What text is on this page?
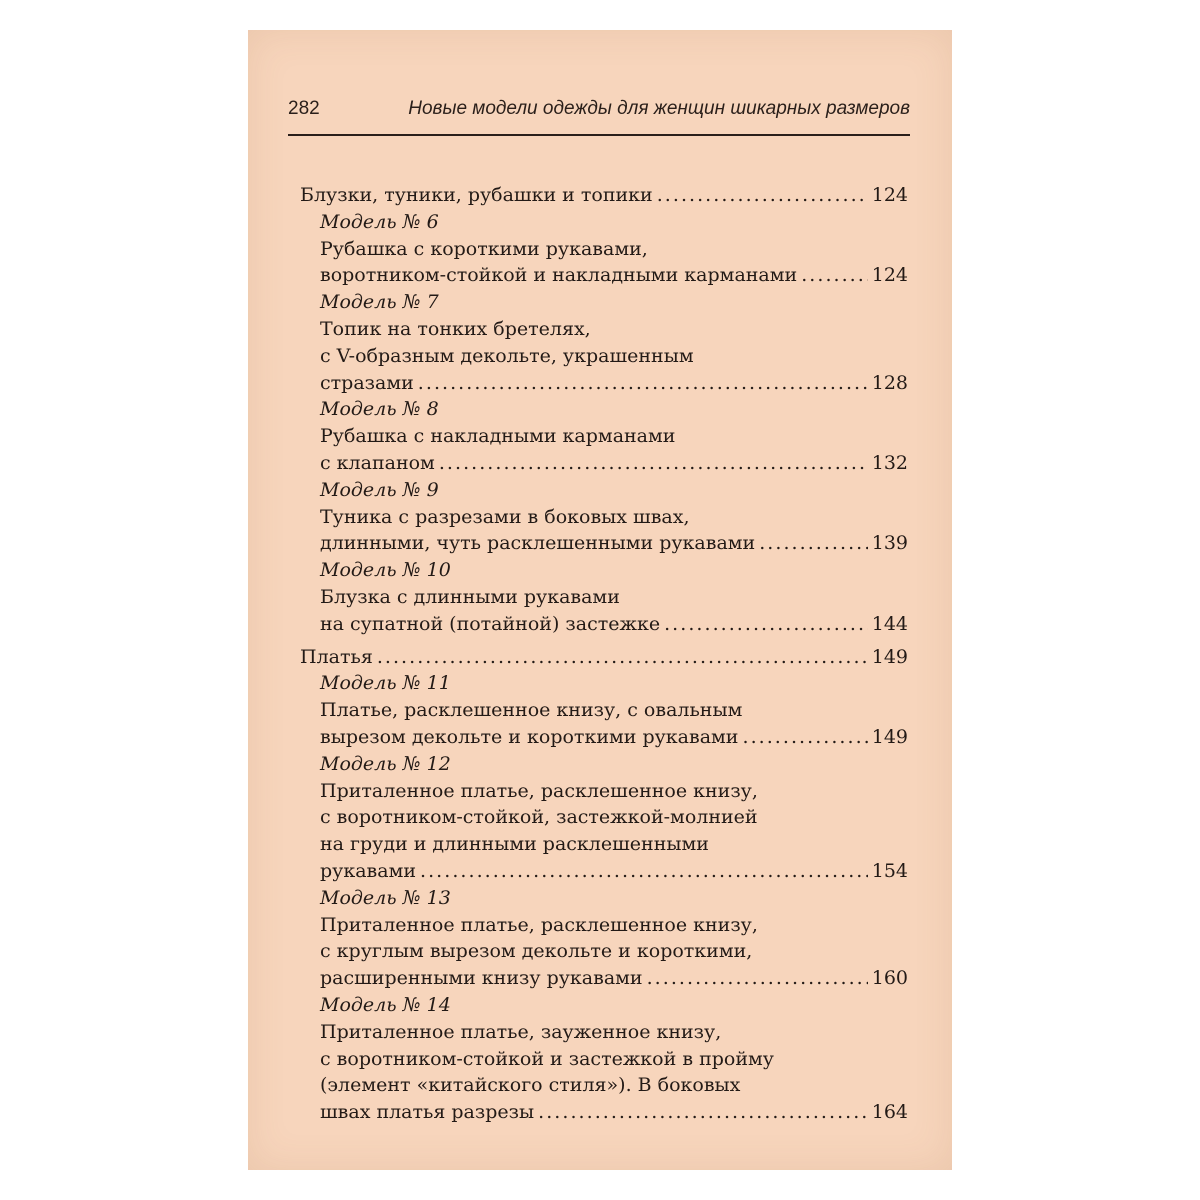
282	Новые модели одежды для женщин шикарных размеров
Блузки, туники, рубашки и топики . . .	124
Модель № 6
Рубашка с короткими рукавами,
воротником-стойкой и накладными карманами . . .	124
Модель № 7
Топик на тонких бретелях,
с V-образным декольте, украшенным
стразами . . .	128
Модель № 8
Рубашка с накладными карманами
с клапаном . . .	132
Модель № 9
Туника с разрезами в боковых швах,
длинными, чуть расклешенными рукавами . . .	139
Модель № 10
Блузка с длинными рукавами
на супатной (потайной) застежке . . .	144
Платья . . .	149
Модель № 11
Платье, расклешенное книзу, с овальным
вырезом декольте и короткими рукавами . . .	149
Модель № 12
Приталенное платье, расклешенное книзу,
с воротником-стойкой, застежкой-молнией
на груди и длинными расклешенными
рукавами . . .	154
Модель № 13
Приталенное платье, расклешенное книзу,
с круглым вырезом декольте и короткими,
расширенными книзу рукавами . . .	160
Модель № 14
Приталенное платье, зауженное книзу,
с воротником-стойкой и застежкой в пройму
(элемент «китайского стиля»). В боковых
швах платья разрезы . . .	164
